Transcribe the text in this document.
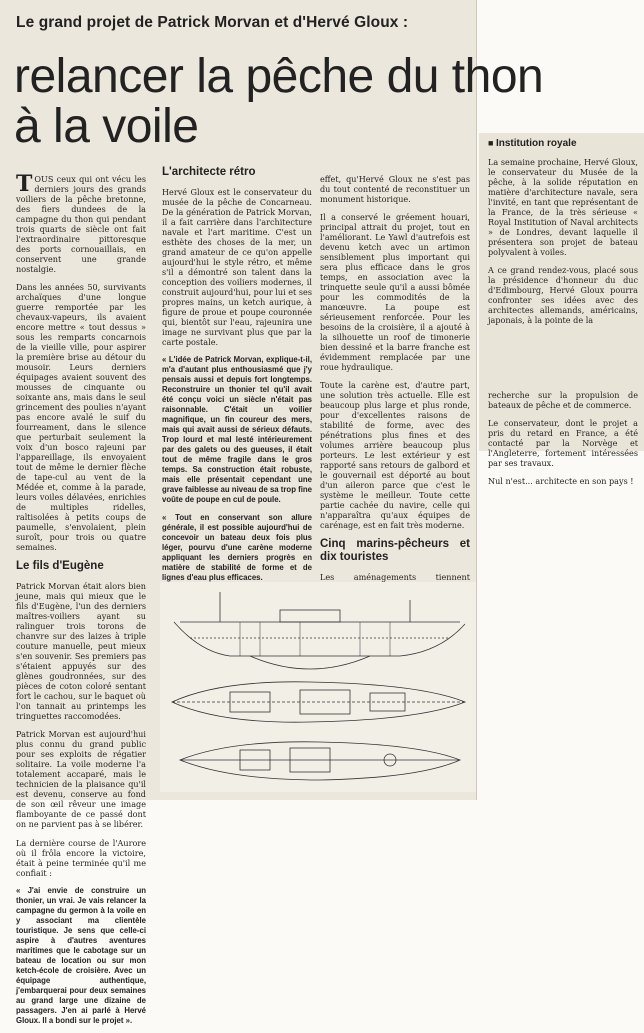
Le grand projet de Patrick Morvan et d'Hervé Gloux :
relancer la pêche du thon
à la voile

TOUS ceux qui ont vécu les derniers jours des grands voiliers de la pêche bretonne, des fiers dundees de la campagne du thon qui pendant trois quarts de siècle ont fait l'extraordinaire pittoresque des ports cornouaillais, en conservent une grande nostalgie.

Dans les années 50, survivants archaïques d'une longue guerre remportée par les chevaux-vapeurs, ils avaient encore mettre « tout dessus » sous les remparts concarnois de la vieille ville, pour aspirer la première brise au détour du mousoir. Leurs derniers équipages avaient souvent des mousses de cinquante ou soixante ans, mais dans le seul grincement des poulies n'ayant pas encore avalé le suif du fourreament, dans le silence que perturbait seulement la voix d'un bosco rajeuni par l'appareillage, ils envoyaient tout de même le dernier flèche de tape-cul au vent de la Médée et, comme à la parade, leurs voiles délavées, enrichies de multiples ridelles, raltisolées à petits coups de paumelle, s'envolaient, plein suroît, pour trois ou quatre semaines.

Le fils d'Eugène

Patrick Morvan était alors bien jeune, mais qui mieux que le fils d'Eugène, l'un des derniers maîtres-voiliers ayant su ralinguer trois torons de chanvre sur des laizes à triple couture manuelle, peut mieux s'en souvenir. Ses premiers pas s'étaient appuyés sur des glènes goudronnées, sur des pièces de coton coloré sentant fort le cachou, sur le baquet où l'on tannait au printemps les tringuettes raccomodées.

Patrick Morvan est aujourd'hui plus connu du grand public pour ses exploits de régatier solitaire. La voile moderne l'a totalement accaparé, mais le technicien de la plaisance qu'il est devenu, conserve au fond de son œil rêveur une image flamboyante de ce passé dont on ne parvient pas à se libérer.

La dernière course de l'Aurore où il frôla encore la victoire, était à peine terminée qu'il me confiait :

« J'ai envie de construire un thonier, un vrai. Je vais relancer la campagne du germon à la voile en y associant ma clientèle touristique. Je sens que celle-ci aspire à d'autres aventures maritimes que le cabotage sur un bateau de location ou sur mon ketch-école de croisière. Avec un équipage authentique, j'embarquerai pour deux semaines au grand large une dizaine de passagers. J'en ai parlé à Hervé Gloux. Il a bondi sur le projet ».

L'architecte rétro

Hervé Gloux est le conservateur du musée de la pêche de Concarneau. De la génération de Patrick Morvan, il a fait carrière dans l'architecture navale et l'art maritime. C'est un esthète des choses de la mer, un grand amateur de ce qu'on appelle aujourd'hui le style rétro, et même s'il a démontré son talent dans la conception des voiliers modernes, il construit aujourd'hui, pour lui et ses propres mains, un ketch aurique, à figure de proue et poupe couronnée qui, bientôt sur l'eau, rajeunira une image ne survivant plus que par la carte postale.

« L'idée de Patrick Morvan, explique-t-il, m'a d'autant plus enthousiasmé que j'y pensais aussi et depuis fort longtemps. Reconstruire un thonier tel qu'il avait été conçu voici un siècle n'était pas raisonnable. C'était un voilier magnifique, un fin coureur des mers, mais qui avait aussi de sérieux défauts. Trop lourd et mal lesté intérieurement par des galets ou des gueuses, il était tout de même fragile dans le gros temps. Sa construction était robuste, mais elle présentait cependant une grave faiblesse au niveau de sa trop fine voûte de poupe en cul de poule.

« Tout en conservant son allure générale, il est possible aujourd'hui de concevoir un bateau deux fois plus léger, pourvu d'une carène moderne appliquant les derniers progrès en matière de stabilité de forme et de lignes d'eau plus efficaces.

effet, qu'Hervé Gloux ne s'est pas du tout contenté de reconstituer un monument historique.

Il a conservé le gréement houari, principal attrait du projet, tout en l'améliorant. Le Yawl d'autrefois est devenu ketch avec un artimon sensiblement plus important qui sera plus efficace dans le gros temps, en association avec la trinquette seule qu'il a aussi bômée pour les commodités de la manœuvre. La poupe est sérieusement renforcée. Pour les besoins de la croisière, il a ajouté à la silhouette un roof de timonerie bien dessiné et la barre franche est évidemment remplacée par une roue hydraulique.

Toute la carène est, d'autre part, une solution très actuelle. Elle est beaucoup plus large et plus ronde, pour d'excellentes raisons de stabilité de forme, avec des pénétrations plus fines et des volumes arrière beaucoup plus porteurs. Le lest extérieur y est rapporté sans retours de galbord et le gouvernail est déporté au bout d'un aileron parce que c'est le système le meilleur. Toute cette partie cachée du navire, celle qui n'apparaîtra qu'aux équipes de carénage, est en fait très moderne.

Cinq marins-pêcheurs et dix touristes

Les aménagements tiennent

■ Institution royale

La semaine prochaine, Hervé Gloux, le conservateur du Musée de la pêche, à la solide réputation en matière d'architecture navale, sera l'invité, en tant que représentant de la France, de la très sérieuse « Royal Institution of Naval architects » de Londres, devant laquelle il présentera son projet de bateau polyvalent à voiles.

A ce grand rendez-vous, placé sous la présidence d'honneur du duc d'Edimbourg, Hervé Gloux pourra confronter ses idées avec des architectes allemands, américains, japonais, à la pointe de la

recherche sur la propulsion de bateaux de pêche et de commerce.

Le conservateur, dont le projet a pris du retard en France, a été contacté par la Norvège et l'Angleterre, fortement intéressées par ses travaux.

Nul n'est... architecte en son pays !
